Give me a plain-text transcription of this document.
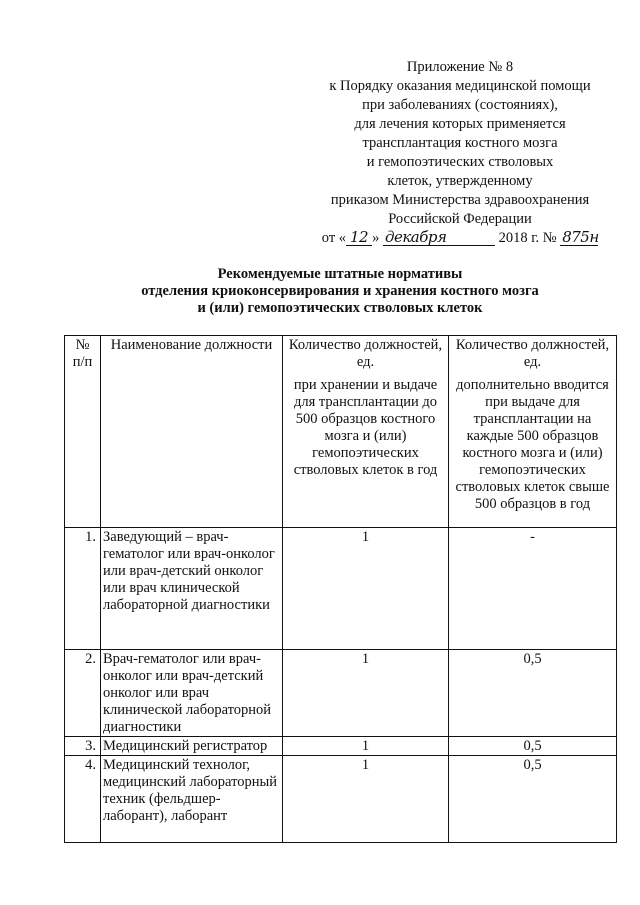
Приложение № 8
к Порядку оказания медицинской помощи
при заболеваниях (состояниях),
для лечения которых применяется
трансплантация костного мозга
и гемопоэтических стволовых
клеток, утвержденному
приказом Министерства здравоохранения
Российской Федерации
от « 12 » декабря	2018 г. № 875н
Рекомендуемые штатные нормативы
отделения криоконсервирования и хранения костного мозга
и (или) гемопоэтических стволовых клеток
№ п/п	Наименование должности	Количество должностей, ед.	Количество должностей, ед.
		при хранении и выдаче для трансплантации до 500 образцов костного мозга и (или) гемопоэтических стволовых клеток в год	дополнительно вводится при выдаче для трансплантации на каждые 500 образцов костного мозга и (или) гемопоэтических стволовых клеток свыше 500 образцов в год
1.	Заведующий – врач-гематолог или врач-онколог или врач-детский онколог или врач клинической лабораторной диагностики	1	-
2.	Врач-гематолог или врач-онколог или врач-детский онколог или врач клинической лабораторной диагностики	1	0,5
3.	Медицинский регистратор	1	0,5
4.	Медицинский технолог, медицинский лабораторный техник (фельдшер-лаборант), лаборант	1	0,5
